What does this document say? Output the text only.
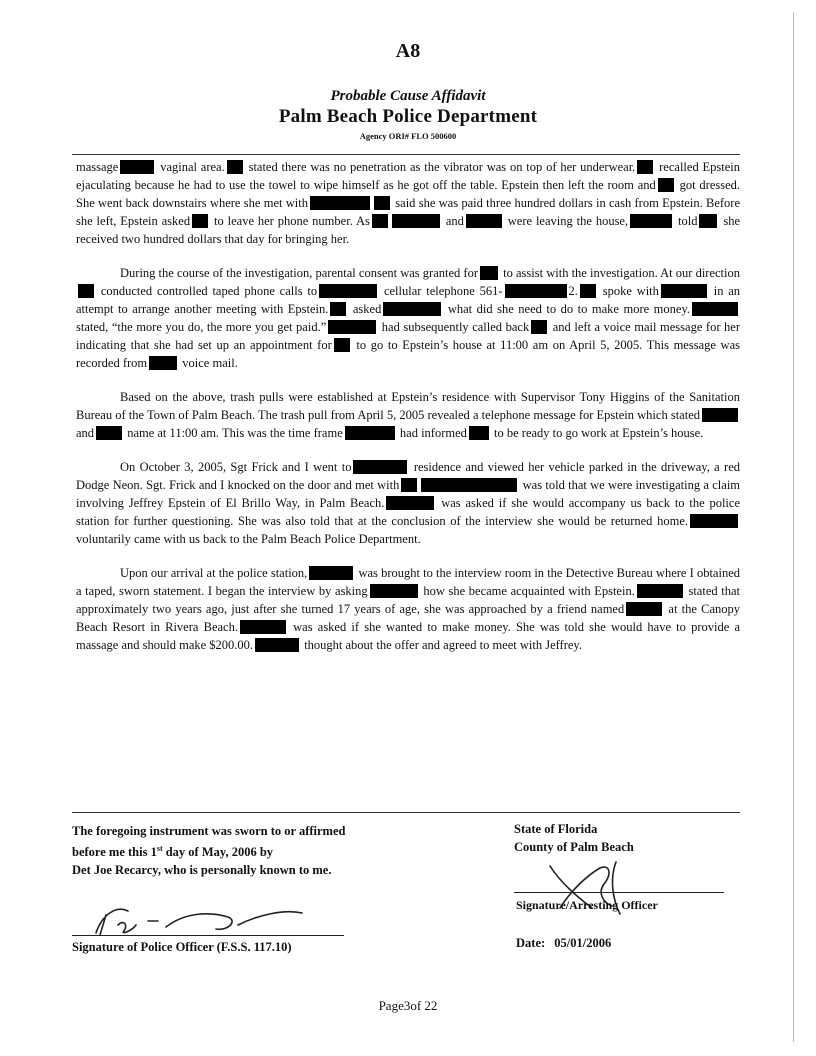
A8
Probable Cause Affidavit
Palm Beach Police Department
Agency ORI# FLO 500600

massage	vaginal area. stated there was no penetration as the vibrator was on top of her underwear. recalled Epstein ejaculating because he had to use the towel to wipe himself as he got off the table. Epstein then left the room and got dressed. She went back downstairs where she met with	said she was paid three hundred dollars in cash from Epstein. Before she left, Epstein asked to leave her phone number. As	and	were leaving the house,	told she received two hundred dollars that day for bringing her.

During the course of the investigation, parental consent was granted for to assist with the investigation. At our direction conducted controlled taped phone calls to	cellular telephone 561-	2. spoke with	in an attempt to arrange another meeting with Epstein. asked	what did she need to do to make more money. stated, “the more you do, the more you get paid.”	had subsequently called back and left a voice mail message for her indicating that she had set up an appointment for to go to Epstein’s house at 11:00 am on April 5, 2005. This message was recorded from	voice mail.

Based on the above, trash pulls were established at Epstein’s residence with Supervisor Tony Higgins of the Sanitation Bureau of the Town of Palm Beach. The trash pull from April 5, 2005 revealed a telephone message for Epstein which stated and	name at 11:00 am. This was the time frame	had informed to be ready to go work at Epstein’s house.

On October 3, 2005, Sgt Frick and I went to	residence and viewed her vehicle parked in the driveway, a red Dodge Neon. Sgt. Frick and I knocked on the door and met with	was told that we were investigating a claim involving Jeffrey Epstein of El Brillo Way, in Palm Beach.	was asked if she would accompany us back to the police station for further questioning. She was also told that at the conclusion of the interview she would be returned home. voluntarily came with us back to the Palm Beach Police Department.

Upon our arrival at the police station,	was brought to the interview room in the Detective Bureau where I obtained a taped, sworn statement. I began the interview by asking	how she became acquainted with Epstein.	stated that approximately two years ago, just after she turned 17 years of age, she was approached by a friend named	at the Canopy Beach Resort in Rivera Beach.	was asked if she wanted to make money. She was told she would have to provide a massage and should make $200.00.	thought about the offer and agreed to meet with Jeffrey.

The foregoing instrument was sworn to or affirmed
before me this 1st day of May, 2006 by
Det Joe Recarcy, who is personally known to me.
Signature of Police Officer (F.S.S. 117.10)
State of Florida
County of Palm Beach
Signature/Arresting Officer
Date: 05/01/2006
Page3of 22
